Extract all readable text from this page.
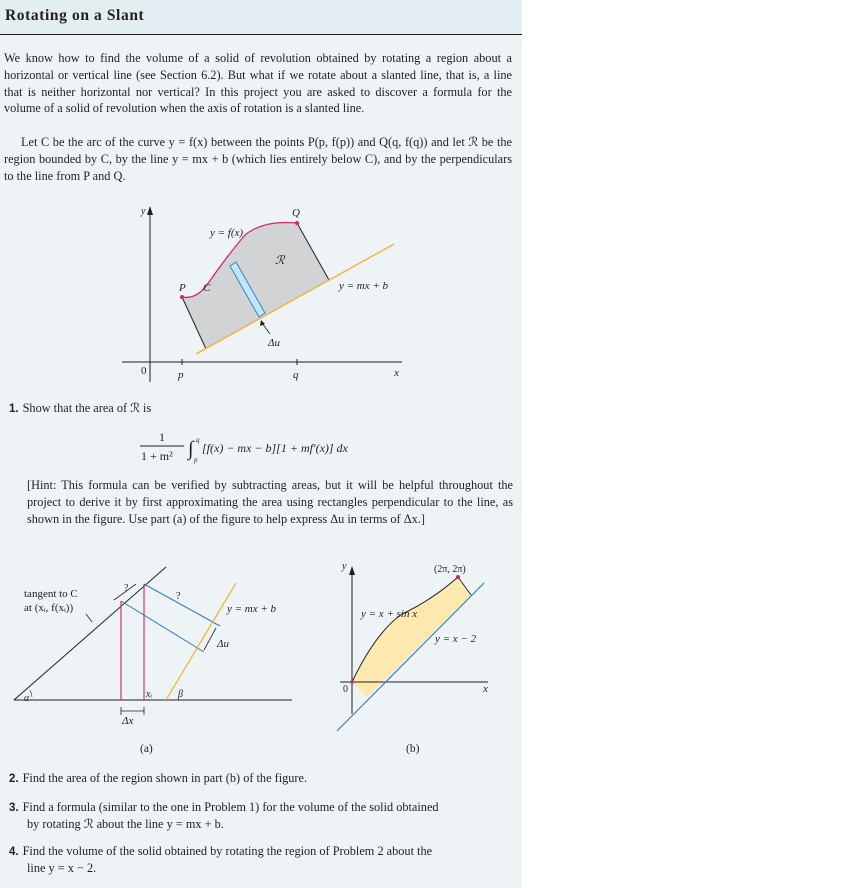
Rotating on a Slant

We know how to find the volume of a solid of revolution obtained by rotating a region about a horizontal or vertical line (see Section 6.2). But what if we rotate about a slanted line, that is, a line that is neither horizontal nor vertical? In this project you are asked to discover a formula for the volume of a solid of revolution when the axis of rotation is a slanted line.

Let C be the arc of the curve y = f(x) between the points P(p, f(p)) and Q(q, f(q)) and let ℛ be the region bounded by C, by the line y = mx + b (which lies entirely below C), and by the perpendiculars to the line from P and Q.

y
x
0	p	q
P
Q
C
y = f(x)
ℛ
y = mx + b
Δu

1. Show that the area of ℛ is

1
1 + m² ∫ q
p
[f(x) − mx − b][1 + mf′(x)] dx

[Hint: This formula can be verified by subtracting areas, but it will be helpful throughout the project to derive it by first approximating the area using rectangles perpendicular to the line, as shown in the figure. Use part (a) of the figure to help express Δu in terms of Δx.]

tangent to C
at (xᵢ, f(xᵢ))
?
?
y = mx + b
Δu
α	β
xᵢ
Δx
(a)
y
x
0
(2π, 2π)
y = x + sin x
y = x − 2
(b)

2. Find the area of the region shown in part (b) of the figure.

3. Find a formula (similar to the one in Problem 1) for the volume of the solid obtained
by rotating ℛ about the line y = mx + b.

4. Find the volume of the solid obtained by rotating the region of Problem 2 about the
line y = x − 2.
